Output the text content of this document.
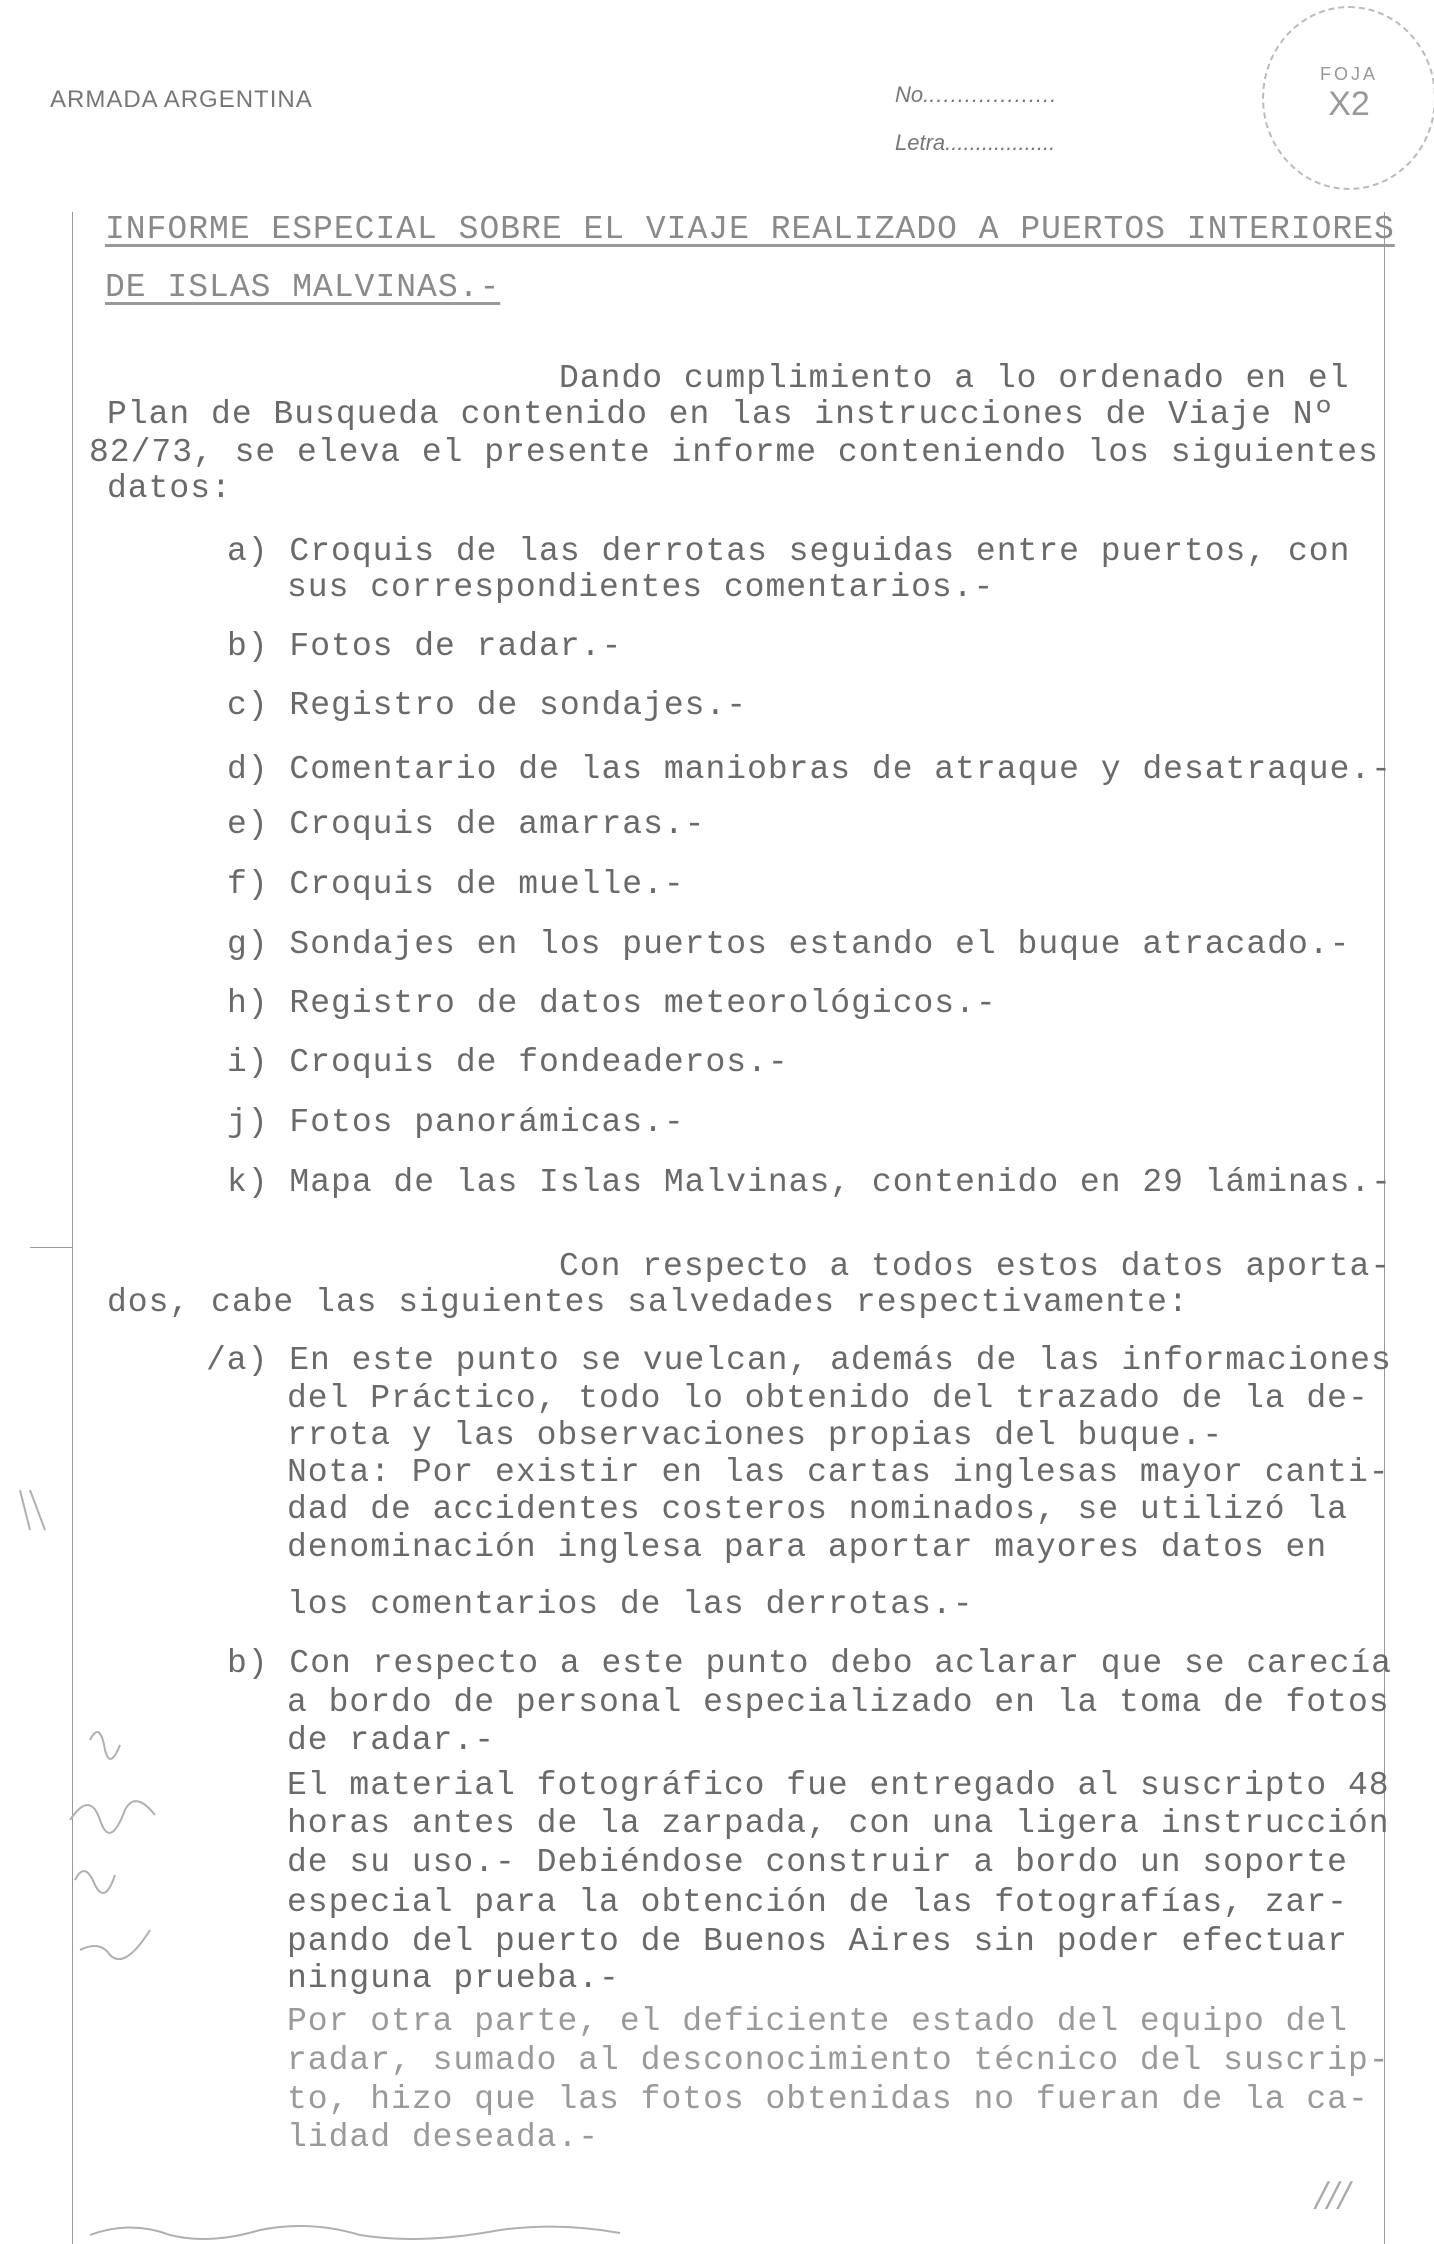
ARMADA ARGENTINA	No...................
Letra..................
FOJA
X2
INFORME ESPECIAL SOBRE EL VIAJE REALIZADO A PUERTOS INTERIORES
DE ISLAS MALVINAS.-
Dando cumplimiento a lo ordenado en el
Plan de Busqueda contenido en las instrucciones de Viaje Nº
82/73, se eleva el presente informe conteniendo los siguientes
datos:
a) Croquis de las derrotas seguidas entre puertos, con
sus correspondientes comentarios.-
b) Fotos de radar.-
c) Registro de sondajes.-
d) Comentario de las maniobras de atraque y desatraque.-
e) Croquis de amarras.-
f) Croquis de muelle.-
g) Sondajes en los puertos estando el buque atracado.-
h) Registro de datos meteorológicos.-
i) Croquis de fondeaderos.-
j) Fotos panorámicas.-
k) Mapa de las Islas Malvinas, contenido en 29 láminas.-
Con respecto a todos estos datos aporta-
dos, cabe las siguientes salvedades respectivamente:
/a) En este punto se vuelcan, además de las informaciones
del Práctico, todo lo obtenido del trazado de la de-
rrota y las observaciones propias del buque.-
Nota: Por existir en las cartas inglesas mayor canti-
dad de accidentes costeros nominados, se utilizó la
denominación inglesa para aportar mayores datos en
los comentarios de las derrotas.-
b) Con respecto a este punto debo aclarar que se carecía
a bordo de personal especializado en la toma de fotos
de radar.-
El material fotográfico fue entregado al suscripto 48
horas antes de la zarpada, con una ligera instrucción
de su uso.- Debiéndose construir a bordo un soporte
especial para la obtención de las fotografías, zar-
pando del puerto de Buenos Aires sin poder efectuar
ninguna prueba.-
Por otra parte, el deficiente estado del equipo del
radar, sumado al desconocimiento técnico del suscrip-
to, hizo que las fotos obtenidas no fueran de la ca-
lidad deseada.-
///
